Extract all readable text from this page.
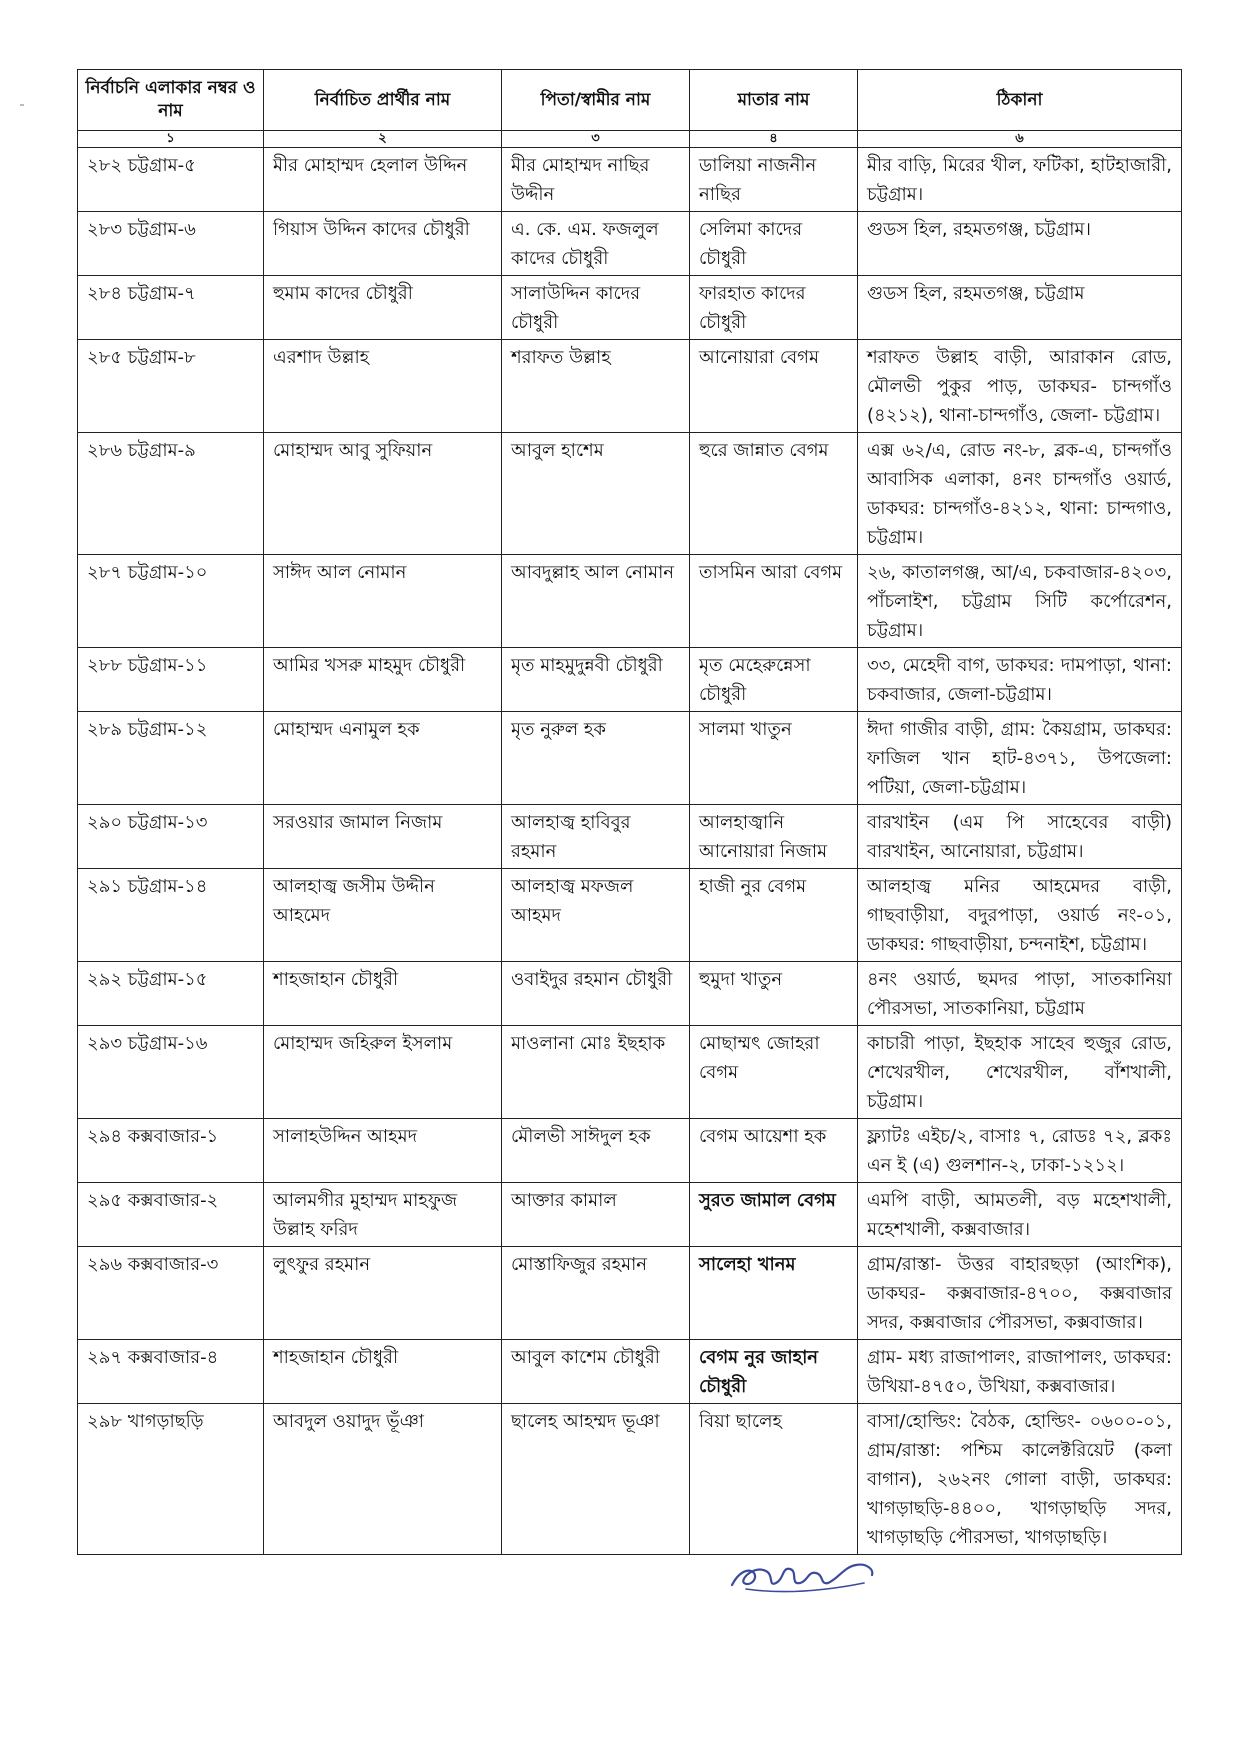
নির্বাচনি এলাকার নম্বর ও নাম	নির্বাচিত প্রার্থীর নাম	পিতা/স্বামীর নাম	মাতার নাম	ঠিকানা
১	২	৩	৪	৬
২৮২ চট্টগ্রাম-৫	মীর মোহাম্মদ হেলাল উদ্দিন	মীর মোহাম্মদ নাছির উদ্দীন	ডালিয়া নাজনীন নাছির	মীর বাড়ি, মিরের খীল, ফটিকা, হাটহাজারী, চট্টগ্রাম।
২৮৩ চট্টগ্রাম-৬	গিয়াস উদ্দিন কাদের চৌধুরী	এ. কে. এম. ফজলুল কাদের চৌধুরী	সেলিমা কাদের চৌধুরী	গুডস হিল, রহমতগঞ্জ, চট্টগ্রাম।
২৮৪ চট্টগ্রাম-৭	হুমাম কাদের চৌধুরী	সালাউদ্দিন কাদের চৌধুরী	ফারহাত কাদের চৌধুরী	গুডস হিল, রহমতগঞ্জ, চট্টগ্রাম
২৮৫ চট্টগ্রাম-৮	এরশাদ উল্লাহ	শরাফত উল্লাহ	আনোয়ারা বেগম	শরাফত উল্লাহ বাড়ী, আরাকান রোড, মৌলভী পুকুর পাড়, ডাকঘর- চান্দগাঁও (৪২১২), থানা-চান্দগাঁও, জেলা- চট্টগ্রাম।
২৮৬ চট্টগ্রাম-৯	মোহাম্মদ আবু সুফিয়ান	আবুল হাশেম	হুরে জান্নাত বেগম	এক্স ৬২/এ, রোড নং-৮, ব্লক-এ, চান্দগাঁও আবাসিক এলাকা, ৪নং চান্দগাঁও ওয়ার্ড, ডাকঘর: চান্দগাঁও-৪২১২, থানা: চান্দগাও, চট্টগ্রাম।
২৮৭ চট্টগ্রাম-১০	সাঈদ আল নোমান	আবদুল্লাহ আল নোমান	তাসমিন আরা বেগম	২৬, কাতালগঞ্জ, আ/এ, চকবাজার-৪২০৩, পাঁচলাইশ, চট্টগ্রাম সিটি কর্পোরেশন, চট্টগ্রাম।
২৮৮ চট্টগ্রাম-১১	আমির খসরু মাহমুদ চৌধুরী	মৃত মাহমুদুন্নবী চৌধুরী	মৃত মেহেরুন্নেসা চৌধুরী	৩৩, মেহেদী বাগ, ডাকঘর: দামপাড়া, থানা: চকবাজার, জেলা-চট্টগ্রাম।
২৮৯ চট্টগ্রাম-১২	মোহাম্মদ এনামুল হক	মৃত নুরুল হক	সালমা খাতুন	ঈদা গাজীর বাড়ী, গ্রাম: কৈয়গ্রাম, ডাকঘর: ফাজিল খান হাট-৪৩৭১, উপজেলা: পটিয়া, জেলা-চট্টগ্রাম।
২৯০ চট্টগ্রাম-১৩	সরওয়ার জামাল নিজাম	আলহাজ্ব হাবিবুর রহমান	আলহাজ্বানি আনোয়ারা নিজাম	বারখাইন (এম পি সাহেবের বাড়ী) বারখাইন, আনোয়ারা, চট্টগ্রাম।
২৯১ চট্টগ্রাম-১৪	আলহাজ্ব জসীম উদ্দীন আহমেদ	আলহাজ্ব মফজল আহমদ	হাজী নুর বেগম	আলহাজ্ব মনির আহমেদর বাড়ী, গাছবাড়ীয়া, বদুরপাড়া, ওয়ার্ড নং-০১, ডাকঘর: গাছবাড়ীয়া, চন্দনাইশ, চট্টগ্রাম।
২৯২ চট্টগ্রাম-১৫	শাহজাহান চৌধুরী	ওবাইদুর রহমান চৌধুরী	হুমুদা খাতুন	৪নং ওয়ার্ড, ছমদর পাড়া, সাতকানিয়া পৌরসভা, সাতকানিয়া, চট্টগ্রাম
২৯৩ চট্টগ্রাম-১৬	মোহাম্মদ জহিরুল ইসলাম	মাওলানা মোঃ ইছহাক	মোছাম্মৎ জোহরা বেগম	কাচারী পাড়া, ইছহাক সাহেব হুজুর রোড, শেখেরখীল, শেখেরখীল, বাঁশখালী, চট্টগ্রাম।
২৯৪ কক্সবাজার-১	সালাহউদ্দিন আহমদ	মৌলভী সাঈদুল হক	বেগম আয়েশা হক	ফ্ল্যাটঃ এইচ/২, বাসাঃ ৭, রোডঃ ৭২, ব্লকঃ এন ই (এ) গুলশান-২, ঢাকা-১২১২।
২৯৫ কক্সবাজার-২	আলমগীর মুহাম্মদ মাহফুজ উল্লাহ ফরিদ	আক্তার কামাল	সুরত জামাল বেগম	এমপি বাড়ী, আমতলী, বড় মহেশখালী, মহেশখালী, কক্সবাজার।
২৯৬ কক্সবাজার-৩	লুৎফুর রহমান	মোস্তাফিজুর রহমান	সালেহা খানম	গ্রাম/রাস্তা- উত্তর বাহারছড়া (আংশিক), ডাকঘর- কক্সবাজার-৪৭০০, কক্সবাজার সদর, কক্সবাজার পৌরসভা, কক্সবাজার।
২৯৭ কক্সবাজার-৪	শাহজাহান চৌধুরী	আবুল কাশেম চৌধুরী	বেগম নুর জাহান চৌধুরী	গ্রাম- মধ্য রাজাপালং, রাজাপালং, ডাকঘর: উখিয়া-৪৭৫০, উখিয়া, কক্সবাজার।
২৯৮ খাগড়াছড়ি	আবদুল ওয়াদুদ ভূঁঞা	ছালেহ আহম্মদ ভূঞা	বিয়া ছালেহ	বাসা/হোল্ডিং: বৈঠক, হোল্ডিং- ০৬০০-০১, গ্রাম/রাস্তা: পশ্চিম কালেক্টরিয়েট (কলা বাগান), ২৬২নং গোলা বাড়ী, ডাকঘর: খাগড়াছড়ি-৪৪০০, খাগড়াছড়ি সদর, খাগড়াছড়ি পৌরসভা, খাগড়াছড়ি।
